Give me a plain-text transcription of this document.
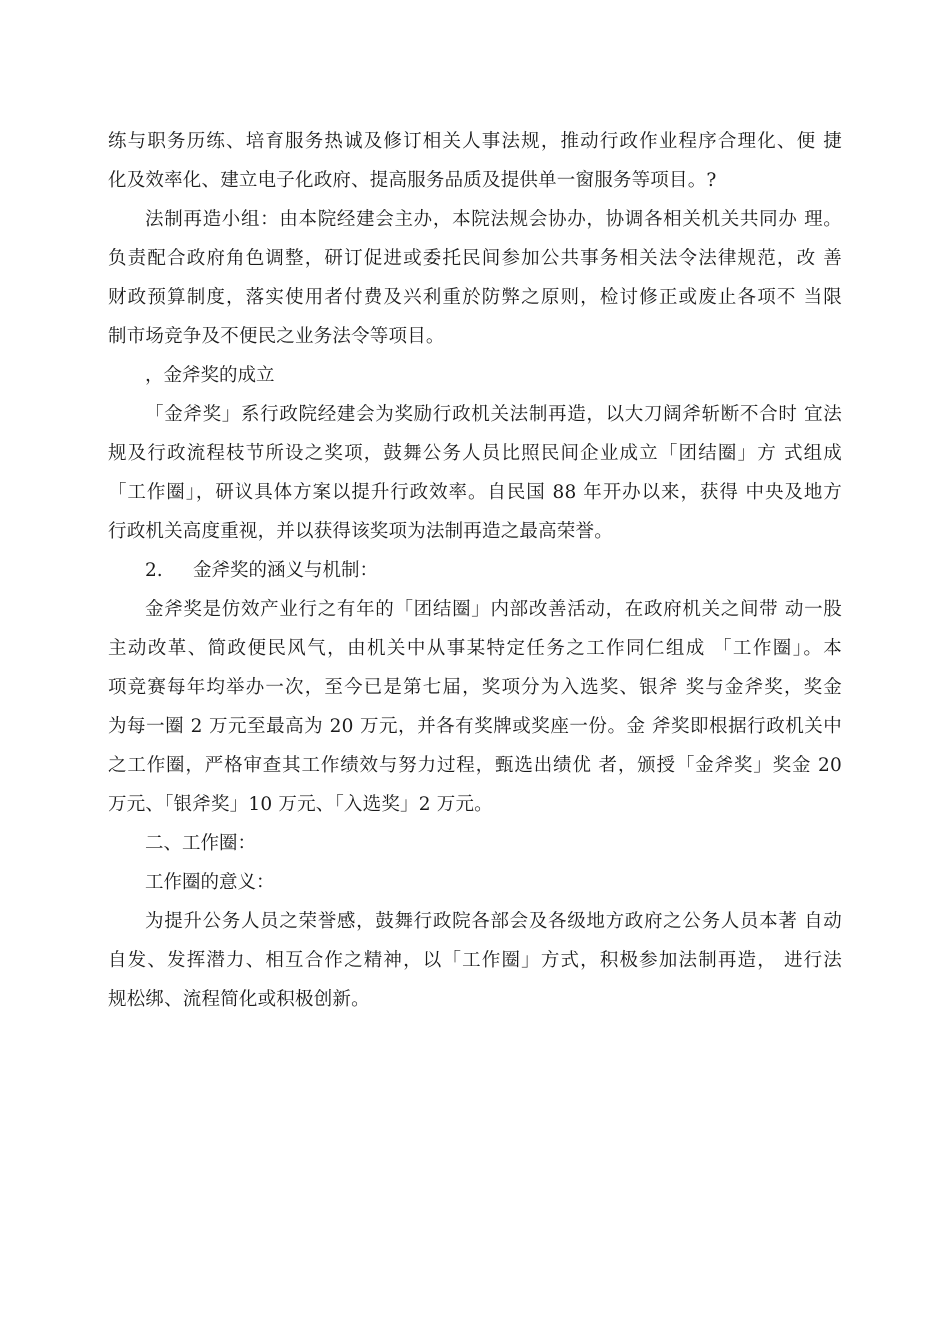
练与职务历练、培育服务热诚及修订相关人事法规，推动行政作业程序合理化、便 捷
化及效率化、建立电子化政府、提高服务品质及提供单一窗服务等项目。?
法制再造小组：由本院经建会主办，本院法规会协办，协调各相关机关共同办 理。
负责配合政府角色调整，研订促进或委托民间参加公共事务相关法令法律规范，改 善
财政预算制度，落实使用者付费及兴利重於防弊之原则，检讨修正或废止各项不 当限
制市场竞争及不便民之业务法令等项目。
，金斧奖的成立
「金斧奖」系行政院经建会为奖励行政机关法制再造，以大刀阔斧斩断不合时 宜法
规及行政流程枝节所设之奖项，鼓舞公务人员比照民间企业成立「团结圈」方 式组成
「工作圈」，研议具体方案以提升行政效率。自民国 88 年开办以来，获得 中央及地方
行政机关高度重视，并以获得该奖项为法制再造之最高荣誉。
2. 金斧奖的涵义与机制：
金斧奖是仿效产业行之有年的「团结圈」内部改善活动，在政府机关之间带 动一股
主动改革、简政便民风气，由机关中从事某特定任务之工作同仁组成 「工作圈」。本
项竞赛每年均举办一次，至今已是第七届，奖项分为入选奖、银斧 奖与金斧奖，奖金
为每一圈 2 万元至最高为 20 万元，并各有奖牌或奖座一份。金 斧奖即根据行政机关中
之工作圈，严格审查其工作绩效与努力过程，甄选出绩优 者，颁授「金斧奖」奖金 20
万元、「银斧奖」10 万元、「入选奖」2 万元。
二、工作圈：
工作圈的意义：
为提升公务人员之荣誉感，鼓舞行政院各部会及各级地方政府之公务人员本著 自动
自发、发挥潜力、相互合作之精神，以「工作圈」方式，积极参加法制再造， 进行法
规松绑、流程简化或积极创新。
